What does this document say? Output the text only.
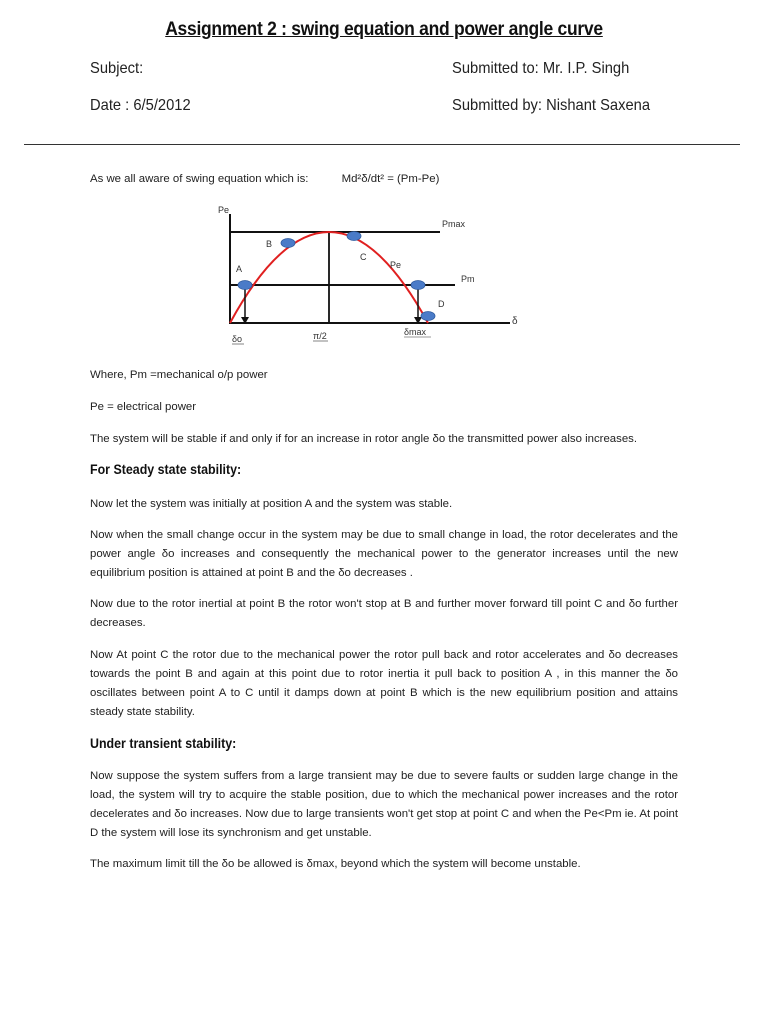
Assignment 2 : swing equation and power angle curve
Subject:	Submitted to: Mr. I.P. Singh
Date : 6/5/2012	Submitted by: Nishant Saxena
As we all aware of swing equation which is:	Md²δ/dt² = (Pm-Pe)
Pe
Pmax
Pm
δ
Pe
A
B
C
D
δo	π/2	δmax

Where, Pm =mechanical o/p power

Pe = electrical power

The system will be stable if and only if for an increase in rotor angle δo the transmitted power also increases.

For Steady state stability:

Now let the system was initially at position A and the system was stable.

Now when the small change occur in the system may be due to small change in load, the rotor decelerates and the power angle δo increases and consequently the mechanical power to the generator increases until the new equilibrium position is attained at point B and the δo decreases .

Now due to the rotor inertial at point B the rotor won't stop at B and further mover forward till point C and δo further decreases.

Now At point C the rotor due to the mechanical power the rotor pull back and rotor accelerates and δo decreases towards the point B and again at this point due to rotor inertia it pull back to position A , in this manner the δo oscillates between point A to C until it damps down at point B which is the new equilibrium position and attains steady state stability.

Under transient stability:

Now suppose the system suffers from a large transient may be due to severe faults or sudden large change in the load, the system will try to acquire the stable position, due to which the mechanical power increases and the rotor decelerates and δo increases. Now due to large transients won't get stop at point C and when the Pe<Pm ie. At point D the system will lose its synchronism and get unstable.

The maximum limit till the δo be allowed is δmax, beyond which the system will become unstable.
